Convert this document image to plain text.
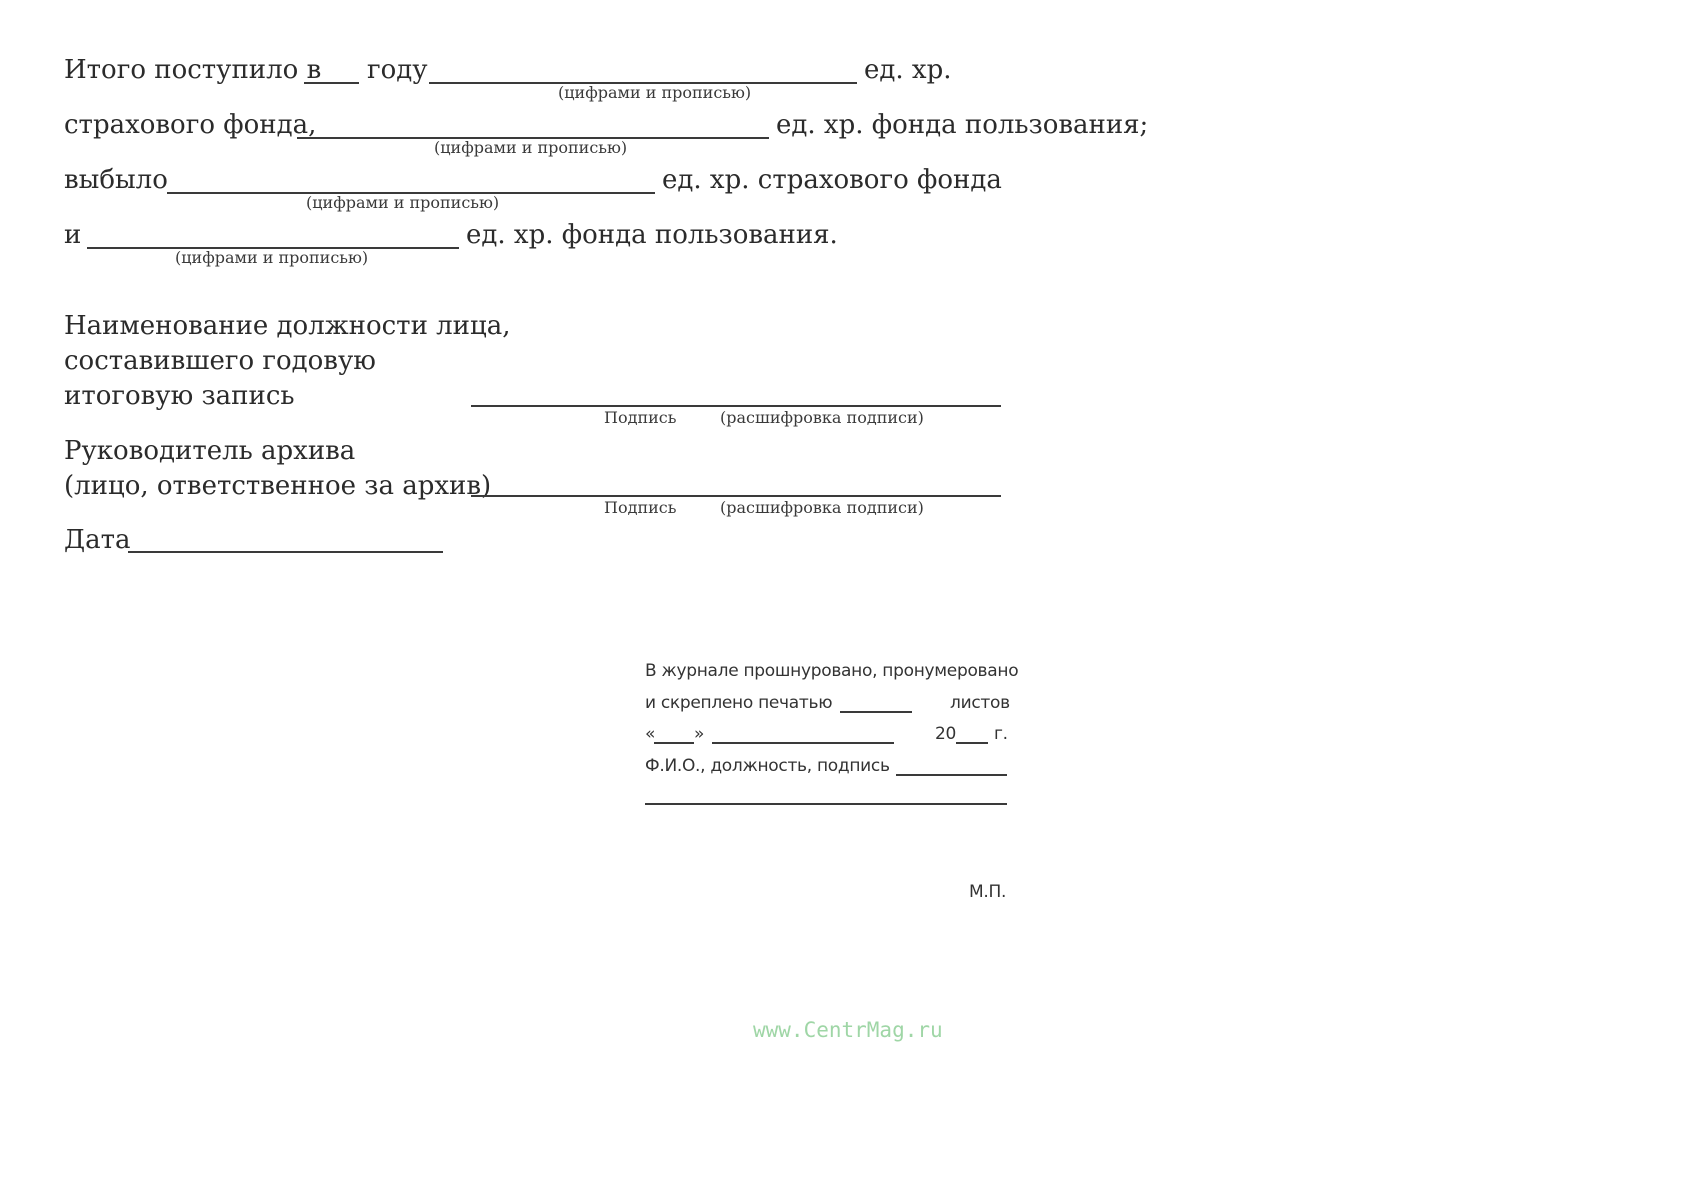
Итого поступило в году	ед. хр.
(цифрами и прописью)
страхового фонда,	ед. хр. фонда пользования;
(цифрами и прописью)
выбыло	ед. хр. страхового фонда
(цифрами и прописью)
и	ед. хр. фонда пользования.
(цифрами и прописью)
Наименование должности лица,
составившего годовую
итоговую запись
Подпись	(расшифровка подписи)
Руководитель архива
(лицо, ответственное за архив)
Подпись	(расшифровка подписи)
Дата
В журнале прошнуровано, пронумеровано
и скреплено печатью	листов
« »	20 г.
Ф.И.О., должность, подпись
М.П.
www.CentrMag.ru
